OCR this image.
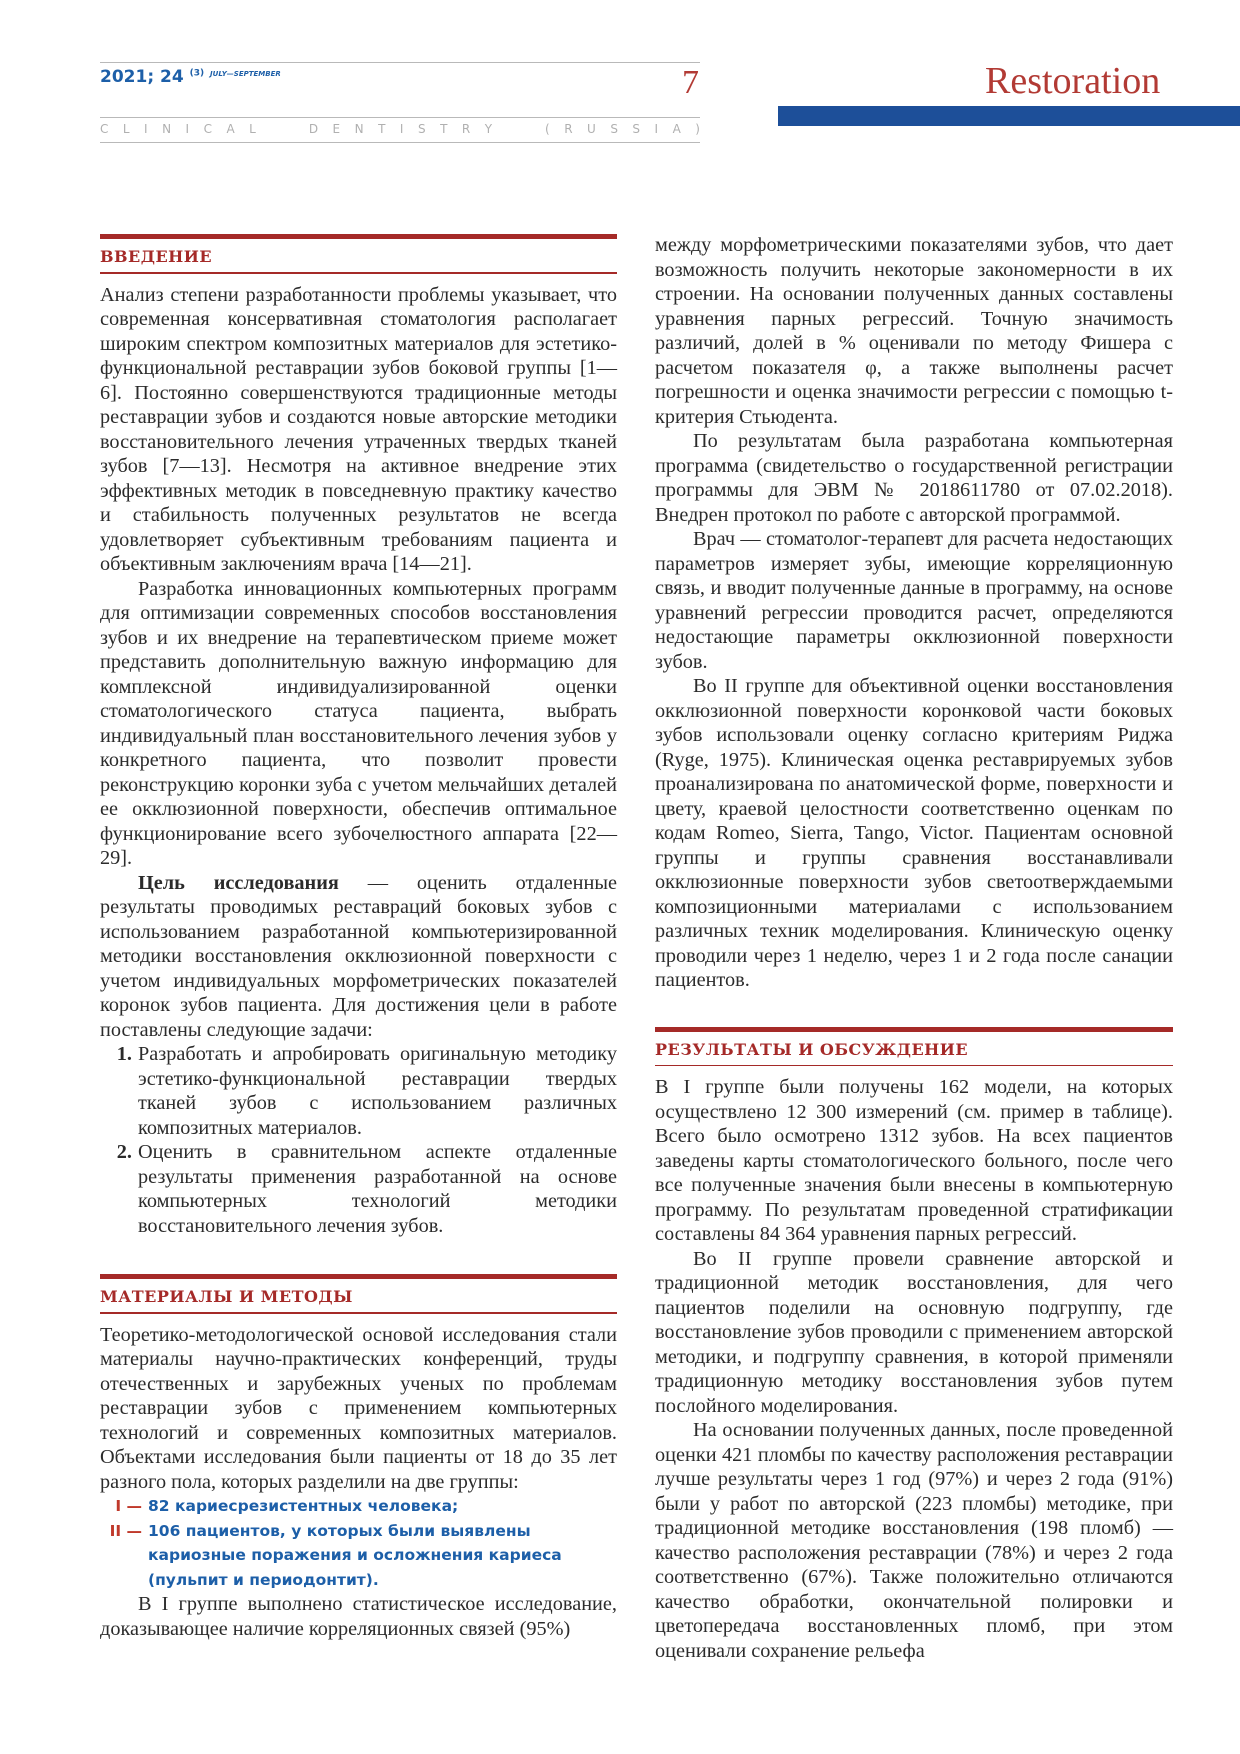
2021; 24 $^{(3)}$ $^{JULY—SEPTEMBER}$	7
C L I N I C A L	D E N T I S T R Y	( R U S S I A )
Restoration
ВВЕДЕНИЕ

Анализ степени разработанности проблемы указывает, что современная консервативная стоматология располагает широким спектром композитных материалов для эстетико-функциональной реставрации зубов боковой группы [1—6]. Постоянно совершенствуются традиционные методы реставрации зубов и создаются новые авторские методики восстановительного лечения утраченных твердых тканей зубов [7—13]. Несмотря на активное внедрение этих эффективных методик в повседневную практику качество и стабильность полученных результатов не всегда удовлетворяет субъективным требованиям пациента и объективным заключениям врача [14—21].

Разработка инновационных компьютерных программ для оптимизации современных способов восстановления зубов и их внедрение на терапевтическом приеме может представить дополнительную важную информацию для комплексной индивидуализированной оценки стоматологического статуса пациента, выбрать индивидуальный план восстановительного лечения зубов у конкретного пациента, что позволит провести реконструкцию коронки зуба с учетом мельчайших деталей ее окклюзионной поверхности, обеспечив оптимальное функционирование всего зубочелюстного аппарата [22—29].

Цель исследования — оценить отдаленные результаты проводимых реставраций боковых зубов с использованием разработанной компьютеризированной методики восстановления окклюзионной поверхности с учетом индивидуальных морфометрических показателей коронок зубов пациента. Для достижения цели в работе поставлены следующие задачи:

1. Разработать и апробировать оригинальную методику эстетико-функциональной реставрации твердых тканей зубов с использованием различных композитных материалов.
2. Оценить в сравнительном аспекте отдаленные результаты применения разработанной на основе компьютерных технологий методики восстановительного лечения зубов.
МАТЕРИАЛЫ И МЕТОДЫ

Теоретико-методологической основой исследования стали материалы научно-практических конференций, труды отечественных и зарубежных ученых по проблемам реставрации зубов с применением компьютерных технологий и современных композитных материалов. Объектами исследования были пациенты от 18 до 35 лет разного пола, которых разделили на две группы:

I — 82 кариесрезистентных человека;
II — 106 пациентов, у которых были выявлены кариозные поражения и осложнения кариеса (пульпит и периодонтит).

В I группе выполнено статистическое исследование, доказывающее наличие корреляционных связей (95%)

между морфометрическими показателями зубов, что дает возможность получить некоторые закономерности в их строении. На основании полученных данных составлены уравнения парных регрессий. Точную значимость различий, долей в % оценивали по методу Фишера с расчетом показателя φ, а также выполнены расчет погрешности и оценка значимости регрессии с помощью t-критерия Стьюдента.

По результатам была разработана компьютерная программа (свидетельство о государственной регистрации программы для ЭВМ № 2018611780 от 07.02.2018). Внедрен протокол по работе с авторской программой.

Врач — стоматолог-терапевт для расчета недостающих параметров измеряет зубы, имеющие корреляционную связь, и вводит полученные данные в программу, на основе уравнений регрессии проводится расчет, определяются недостающие параметры окклюзионной поверхности зубов.

Во II группе для объективной оценки восстановления окклюзионной поверхности коронковой части боковых зубов использовали оценку согласно критериям Риджа (Ryge, 1975). Клиническая оценка реставрируемых зубов проанализирована по анатомической форме, поверхности и цвету, краевой целостности соответственно оценкам по кодам Romeo, Sierra, Tango, Victor. Пациентам основной группы и группы сравнения восстанавливали окклюзионные поверхности зубов светоотверждаемыми композиционными материалами с использованием различных техник моделирования. Клиническую оценку проводили через 1 неделю, через 1 и 2 года после санации пациентов.

РЕЗУЛЬТАТЫ И ОБСУЖДЕНИЕ

В I группе были получены 162 модели, на которых осуществлено 12 300 измерений (см. пример в таблице). Всего было осмотрено 1312 зубов. На всех пациентов заведены карты стоматологического больного, после чего все полученные значения были внесены в компьютерную программу. По результатам проведенной стратификации составлены 84 364 уравнения парных регрессий.

Во II группе провели сравнение авторской и традиционной методик восстановления, для чего пациентов поделили на основную подгруппу, где восстановление зубов проводили с применением авторской методики, и подгруппу сравнения, в которой применяли традиционную методику восстановления зубов путем послойного моделирования.

На основании полученных данных, после проведенной оценки 421 пломбы по качеству расположения реставрации лучше результаты через 1 год (97%) и через 2 года (91%) были у работ по авторской (223 пломбы) методике, при традиционной методике восстановления (198 пломб) — качество расположения реставрации (78%) и через 2 года соответственно (67%). Также положительно отличаются качество обработки, окончательной полировки и цветопередача восстановленных пломб, при этом оценивали сохранение рельефа
